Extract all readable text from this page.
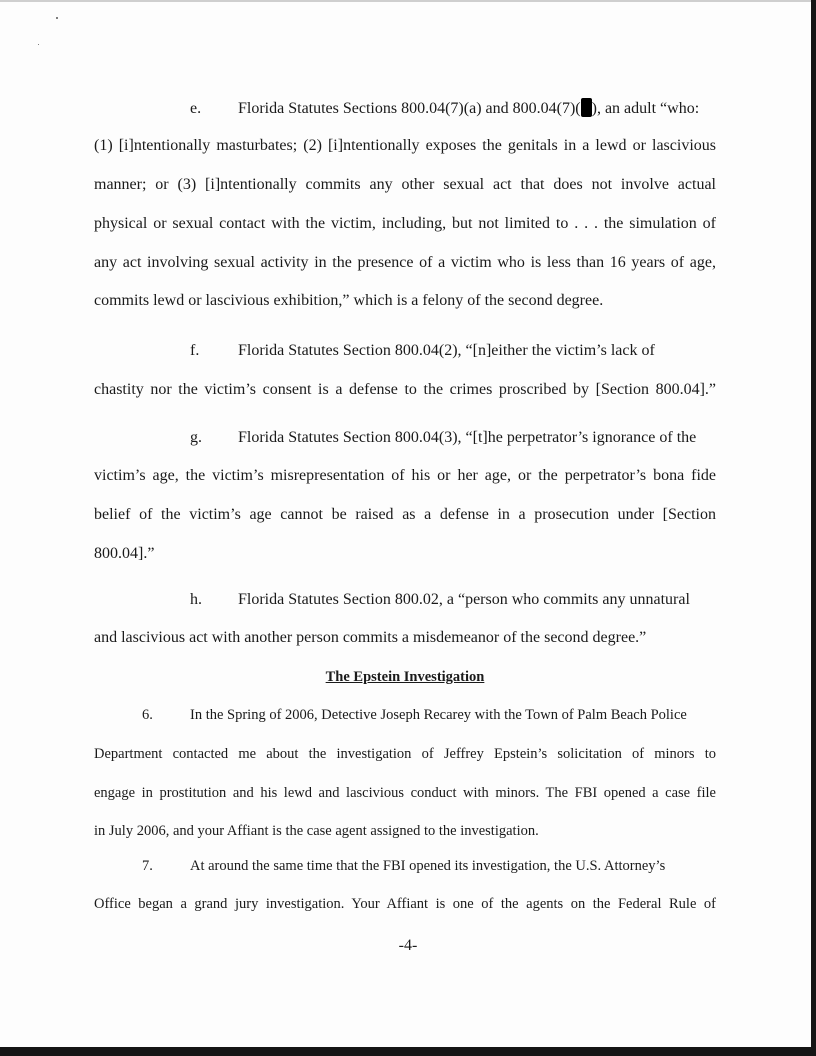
e. Florida Statutes Sections 800.04(7)(a) and 800.04(7)( ), an adult “who:
(1) [i]ntentionally masturbates; (2) [i]ntentionally exposes the genitals in a lewd or lascivious
manner; or (3) [i]ntentionally commits any other sexual act that does not involve actual
physical or sexual contact with the victim, including, but not limited to . . . the simulation of
any act involving sexual activity in the presence of a victim who is less than 16 years of age,
commits lewd or lascivious exhibition,” which is a felony of the second degree.
f. Florida Statutes Section 800.04(2), “[n]either the victim’s lack of
chastity nor the victim’s consent is a defense to the crimes proscribed by [Section 800.04].”
g. Florida Statutes Section 800.04(3), “[t]he perpetrator’s ignorance of the
victim’s age, the victim’s misrepresentation of his or her age, or the perpetrator’s bona fide
belief of the victim’s age cannot be raised as a defense in a prosecution under [Section
800.04].”
h. Florida Statutes Section 800.02, a “person who commits any unnatural
and lascivious act with another person commits a misdemeanor of the second degree.”
The Epstein Investigation
6.	In the Spring of 2006, Detective Joseph Recarey with the Town of Palm Beach Police
Department contacted me about the investigation of Jeffrey Epstein’s solicitation of minors to
engage in prostitution and his lewd and lascivious conduct with minors. The FBI opened a case file
in July 2006, and your Affiant is the case agent assigned to the investigation.
7.	At around the same time that the FBI opened its investigation, the U.S. Attorney’s
Office began a grand jury investigation. Your Affiant is one of the agents on the Federal Rule of
-4-
